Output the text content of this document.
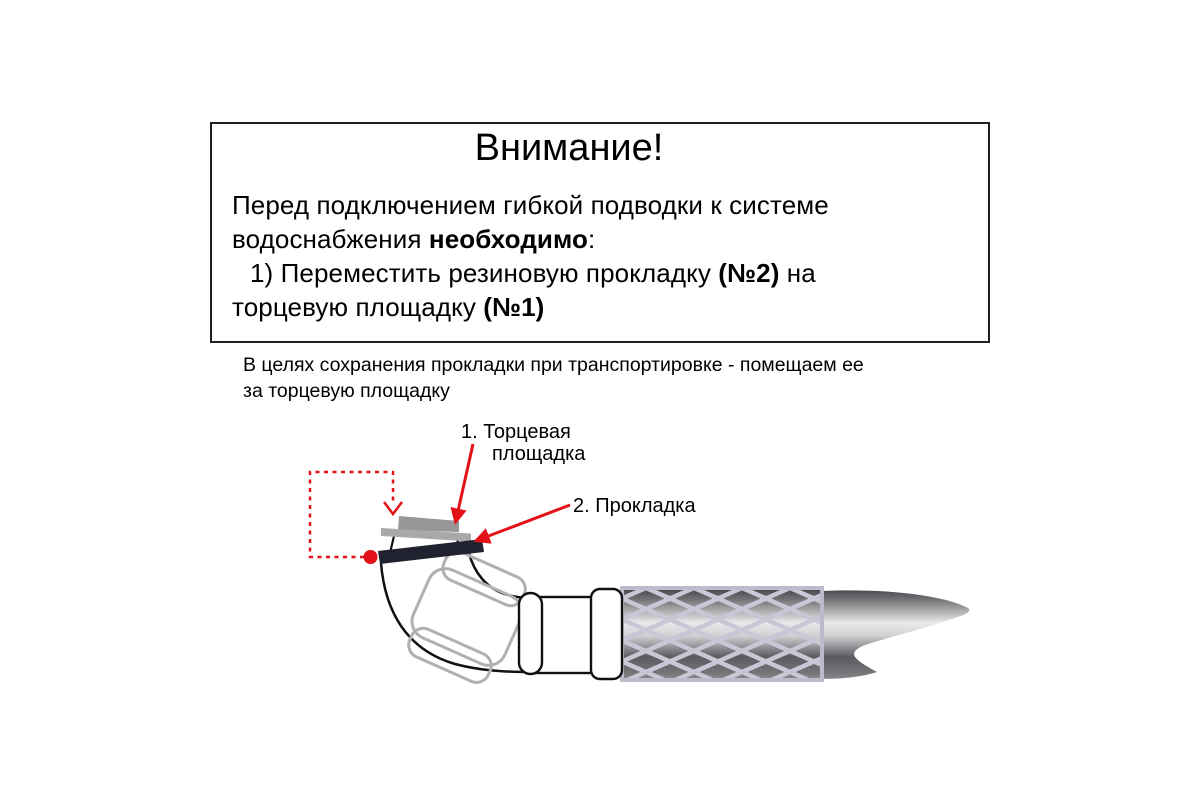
Внимание!
Перед подключением гибкой подводки к системе
водоснабжения необходимо:
1) Переместить резиновую прокладку (№2) на
торцевую площадку (№1)
В целях сохранения прокладки при транспортировке - помещаем ее
за торцевую площадку
1. Торцевая
площадка
2. Прокладка
